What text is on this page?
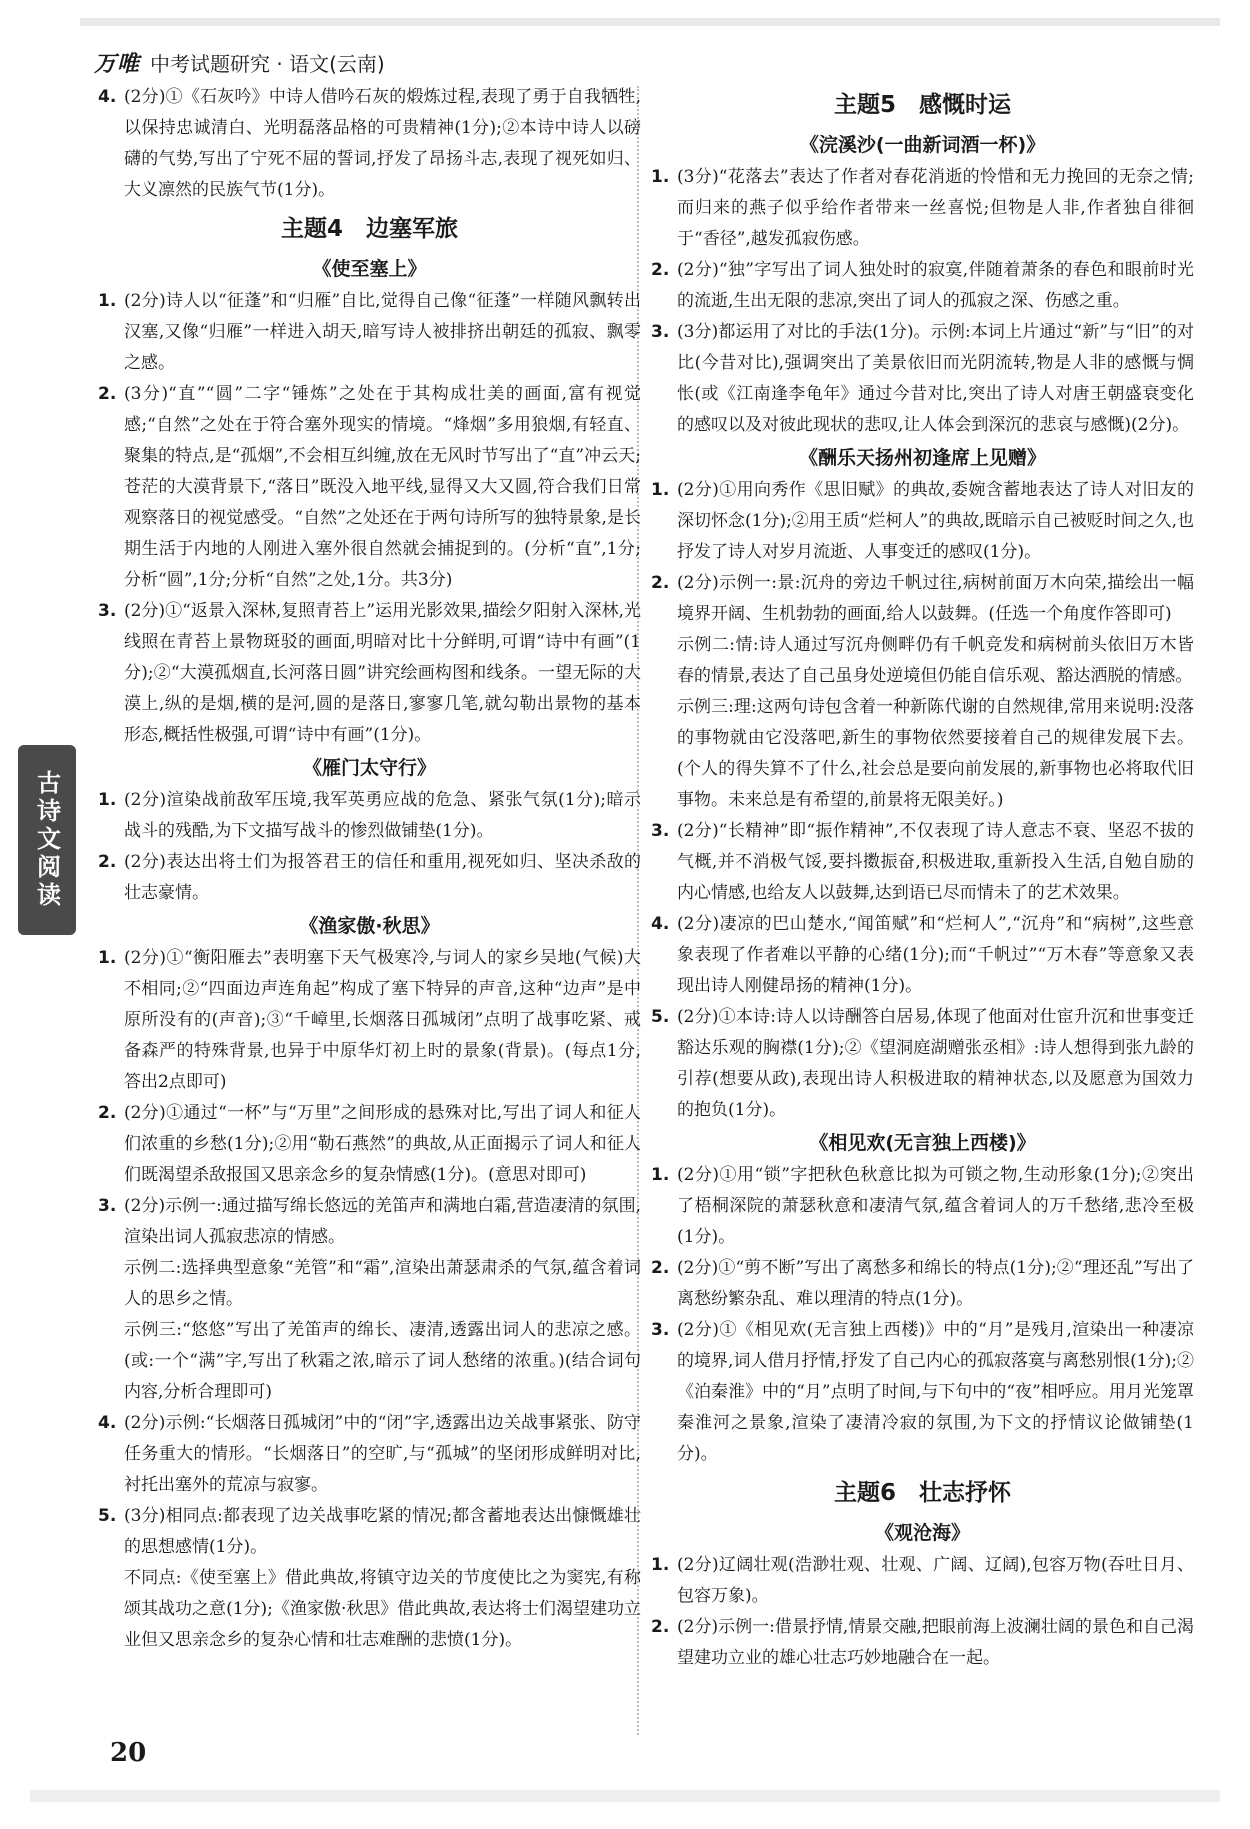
万唯 中考试题研究 · 语文(云南)
4. (2分)①《石灰吟》中诗人借吟石灰的煅炼过程,表现了勇于自我牺牲,以保持忠诚清白、光明磊落品格的可贵精神(1分);②本诗中诗人以磅礴的气势,写出了宁死不屈的誓词,抒发了昂扬斗志,表现了视死如归、大义凛然的民族气节(1分)。
主题4　边塞军旅
《使至塞上》
1. (2分)诗人以“征蓬”和“归雁”自比,觉得自己像“征蓬”一样随风飘转出汉塞,又像“归雁”一样进入胡天,暗写诗人被排挤出朝廷的孤寂、飘零之感。
2. (3分)“直”“圆”二字“锤炼”之处在于其构成壮美的画面,富有视觉感;“自然”之处在于符合塞外现实的情境。“烽烟”多用狼烟,有轻直、聚集的特点,是“孤烟”,不会相互纠缠,放在无风时节写出了“直”冲云天;苍茫的大漠背景下,“落日”既没入地平线,显得又大又圆,符合我们日常观察落日的视觉感受。“自然”之处还在于两句诗所写的独特景象,是长期生活于内地的人刚进入塞外很自然就会捕捉到的。(分析“直”,1分;分析“圆”,1分;分析“自然”之处,1分。共3分)
3. (2分)①“返景入深林,复照青苔上”运用光影效果,描绘夕阳射入深林,光线照在青苔上景物斑驳的画面,明暗对比十分鲜明,可谓“诗中有画”(1分);②“大漠孤烟直,长河落日圆”讲究绘画构图和线条。一望无际的大漠上,纵的是烟,横的是河,圆的是落日,寥寥几笔,就勾勒出景物的基本形态,概括性极强,可谓“诗中有画”(1分)。
《雁门太守行》
1. (2分)渲染战前敌军压境,我军英勇应战的危急、紧张气氛(1分);暗示战斗的残酷,为下文描写战斗的惨烈做铺垫(1分)。
2. (2分)表达出将士们为报答君王的信任和重用,视死如归、坚决杀敌的壮志豪情。
《渔家傲·秋思》
1. (2分)①“衡阳雁去”表明塞下天气极寒冷,与词人的家乡吴地(气候)大不相同;②“四面边声连角起”构成了塞下特异的声音,这种“边声”是中原所没有的(声音);③“千嶂里,长烟落日孤城闭”点明了战事吃紧、戒备森严的特殊背景,也异于中原华灯初上时的景象(背景)。(每点1分,答出2点即可)
2. (2分)①通过“一杯”与“万里”之间形成的悬殊对比,写出了词人和征人们浓重的乡愁(1分);②用“勒石燕然”的典故,从正面揭示了词人和征人们既渴望杀敌报国又思亲念乡的复杂情感(1分)。(意思对即可)
3. (2分)示例一:通过描写绵长悠远的羌笛声和满地白霜,营造凄清的氛围,渲染出词人孤寂悲凉的情感。
示例二:选择典型意象“羌管”和“霜”,渲染出萧瑟肃杀的气氛,蕴含着词人的思乡之情。
示例三:“悠悠”写出了羌笛声的绵长、凄清,透露出词人的悲凉之感。(或:一个“满”字,写出了秋霜之浓,暗示了词人愁绪的浓重。)(结合词句内容,分析合理即可)
4. (2分)示例:“长烟落日孤城闭”中的“闭”字,透露出边关战事紧张、防守任务重大的情形。“长烟落日”的空旷,与“孤城”的坚闭形成鲜明对比,衬托出塞外的荒凉与寂寥。
5. (3分)相同点:都表现了边关战事吃紧的情况;都含蓄地表达出慷慨雄壮的思想感情(1分)。
不同点:《使至塞上》借此典故,将镇守边关的节度使比之为窦宪,有称颂其战功之意(1分);《渔家傲·秋思》借此典故,表达将士们渴望建功立业但又思亲念乡的复杂心情和壮志难酬的悲愤(1分)。
主题5　感慨时运
《浣溪沙(一曲新词酒一杯)》
1. (3分)“花落去”表达了作者对春花消逝的怜惜和无力挽回的无奈之情;而归来的燕子似乎给作者带来一丝喜悦;但物是人非,作者独自徘徊于“香径”,越发孤寂伤感。
2. (2分)“独”字写出了词人独处时的寂寞,伴随着萧条的春色和眼前时光的流逝,生出无限的悲凉,突出了词人的孤寂之深、伤感之重。
3. (3分)都运用了对比的手法(1分)。示例:本词上片通过“新”与“旧”的对比(今昔对比),强调突出了美景依旧而光阴流转,物是人非的感慨与惆怅(或《江南逢李龟年》通过今昔对比,突出了诗人对唐王朝盛衰变化的感叹以及对彼此现状的悲叹,让人体会到深沉的悲哀与感慨)(2分)。
《酬乐天扬州初逢席上见赠》
1. (2分)①用向秀作《思旧赋》的典故,委婉含蓄地表达了诗人对旧友的深切怀念(1分);②用王质“烂柯人”的典故,既暗示自己被贬时间之久,也抒发了诗人对岁月流逝、人事变迁的感叹(1分)。
2. (2分)示例一:景:沉舟的旁边千帆过往,病树前面万木向荣,描绘出一幅境界开阔、生机勃勃的画面,给人以鼓舞。(任选一个角度作答即可)
示例二:情:诗人通过写沉舟侧畔仍有千帆竞发和病树前头依旧万木皆春的情景,表达了自己虽身处逆境但仍能自信乐观、豁达洒脱的情感。
示例三:理:这两句诗包含着一种新陈代谢的自然规律,常用来说明:没落的事物就由它没落吧,新生的事物依然要接着自己的规律发展下去。(个人的得失算不了什么,社会总是要向前发展的,新事物也必将取代旧事物。未来总是有希望的,前景将无限美好。)
3. (2分)“长精神”即“振作精神”,不仅表现了诗人意志不衰、坚忍不拔的气概,并不消极气馁,要抖擞振奋,积极进取,重新投入生活,自勉自励的内心情感,也给友人以鼓舞,达到语已尽而情未了的艺术效果。
4. (2分)凄凉的巴山楚水,“闻笛赋”和“烂柯人”,“沉舟”和“病树”,这些意象表现了作者难以平静的心绪(1分);而“千帆过”“万木春”等意象又表现出诗人刚健昂扬的精神(1分)。
5. (2分)①本诗:诗人以诗酬答白居易,体现了他面对仕宦升沉和世事变迁豁达乐观的胸襟(1分);②《望洞庭湖赠张丞相》:诗人想得到张九龄的引荐(想要从政),表现出诗人积极进取的精神状态,以及愿意为国效力的抱负(1分)。
《相见欢(无言独上西楼)》
1. (2分)①用“锁”字把秋色秋意比拟为可锁之物,生动形象(1分);②突出了梧桐深院的萧瑟秋意和凄清气氛,蕴含着词人的万千愁绪,悲冷至极(1分)。
2. (2分)①“剪不断”写出了离愁多和绵长的特点(1分);②“理还乱”写出了离愁纷繁杂乱、难以理清的特点(1分)。
3. (2分)①《相见欢(无言独上西楼)》中的“月”是残月,渲染出一种凄凉的境界,词人借月抒情,抒发了自己内心的孤寂落寞与离愁别恨(1分);②《泊秦淮》中的“月”点明了时间,与下句中的“夜”相呼应。用月光笼罩秦淮河之景象,渲染了凄清冷寂的氛围,为下文的抒情议论做铺垫(1分)。
主题6　壮志抒怀
《观沧海》
1. (2分)辽阔壮观(浩渺壮观、壮观、广阔、辽阔),包容万物(吞吐日月、包容万象)。
2. (2分)示例一:借景抒情,情景交融,把眼前海上波澜壮阔的景色和自己渴望建功立业的雄心壮志巧妙地融合在一起。
古诗文阅读
20
